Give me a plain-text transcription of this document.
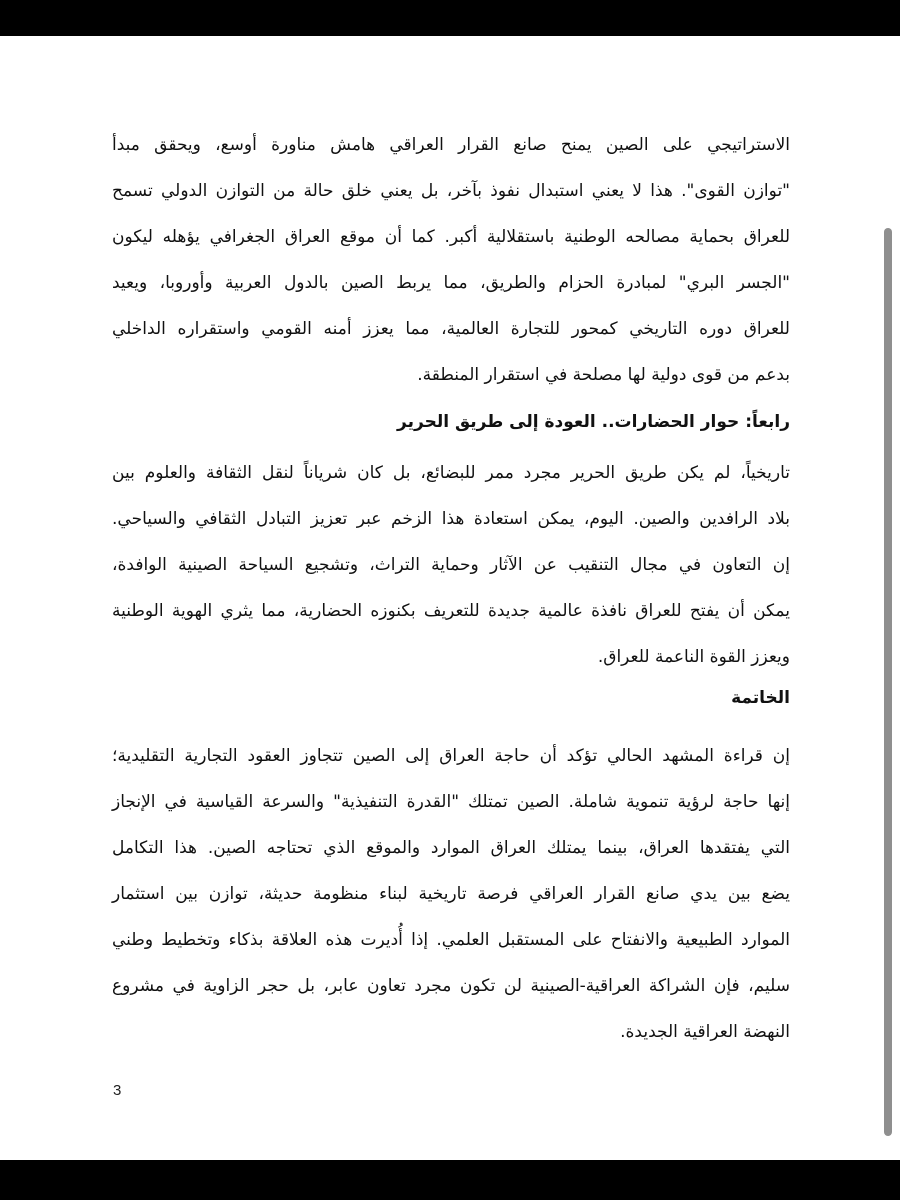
الاستراتيجي على الصين يمنح صانع القرار العراقي هامش مناورة أوسع، ويحقق مبدأ

"توازن القوى". هذا لا يعني استبدال نفوذ بآخر، بل يعني خلق حالة من التوازن الدولي تسمح

للعراق بحماية مصالحه الوطنية باستقلالية أكبر. كما أن موقع العراق الجغرافي يؤهله ليكون

"الجسر البري" لمبادرة الحزام والطريق، مما يربط الصين بالدول العربية وأوروبا، ويعيد

للعراق دوره التاريخي كمحور للتجارة العالمية، مما يعزز أمنه القومي واستقراره الداخلي

بدعم من قوى دولية لها مصلحة في استقرار المنطقة.

رابعاً: حوار الحضارات.. العودة إلى طريق الحرير

تاريخياً، لم يكن طريق الحرير مجرد ممر للبضائع، بل كان شرياناً لنقل الثقافة والعلوم بين

بلاد الرافدين والصين. اليوم، يمكن استعادة هذا الزخم عبر تعزيز التبادل الثقافي والسياحي.

إن التعاون في مجال التنقيب عن الآثار وحماية التراث، وتشجيع السياحة الصينية الوافدة،

يمكن أن يفتح للعراق نافذة عالمية جديدة للتعريف بكنوزه الحضارية، مما يثري الهوية الوطنية

ويعزز القوة الناعمة للعراق.

الخاتمة

إن قراءة المشهد الحالي تؤكد أن حاجة العراق إلى الصين تتجاوز العقود التجارية التقليدية؛

إنها حاجة لرؤية تنموية شاملة. الصين تمتلك "القدرة التنفيذية" والسرعة القياسية في الإنجاز

التي يفتقدها العراق، بينما يمتلك العراق الموارد والموقع الذي تحتاجه الصين. هذا التكامل

يضع بين يدي صانع القرار العراقي فرصة تاريخية لبناء منظومة حديثة، توازن بين استثمار

الموارد الطبيعية والانفتاح على المستقبل العلمي. إذا أُديرت هذه العلاقة بذكاء وتخطيط وطني

سليم، فإن الشراكة العراقية-الصينية لن تكون مجرد تعاون عابر، بل حجر الزاوية في مشروع

النهضة العراقية الجديدة.

3
